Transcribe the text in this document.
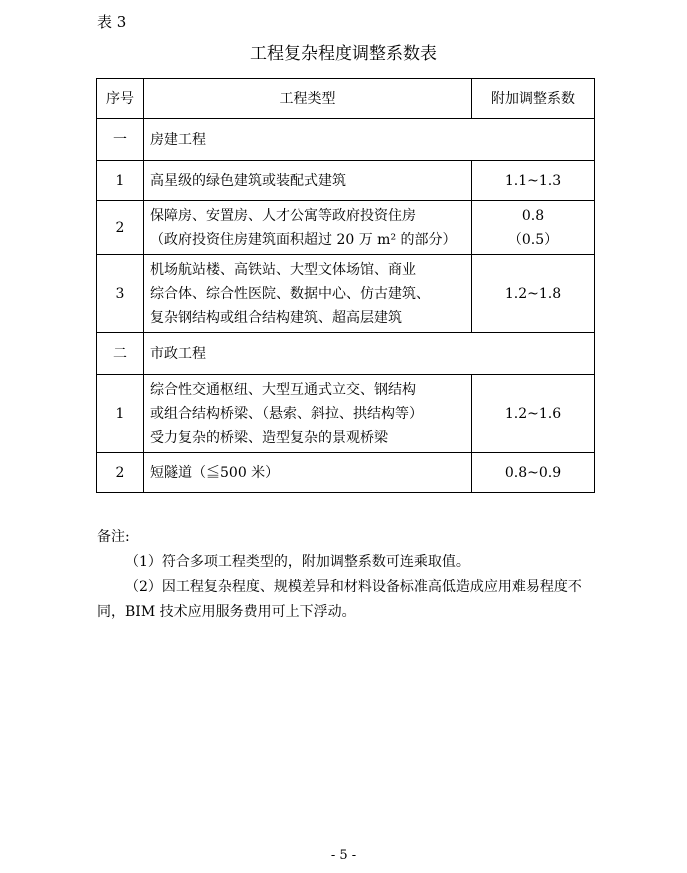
表 3
工程复杂程度调整系数表
序号	工程类型	附加调整系数
一	房建工程	
1	高星级的绿色建筑或装配式建筑	1.1~1.3

2	保障房、安置房、人才公寓等政府投资住房
（政府投资住房建筑面积超过 20 万 m² 的部分）	0.8
（0.5）

3	机场航站楼、高铁站、大型文体场馆、商业
综合体、综合性医院、数据中心、仿古建筑、
复杂钢结构或组合结构建筑、超高层建筑	1.2~1.8

二	市政工程	
1	综合性交通枢纽、大型互通式立交、钢结构
或组合结构桥梁、（悬索、斜拉、拱结构等）
受力复杂的桥梁、造型复杂的景观桥梁	1.2~1.6

2	短隧道（≦500 米）	0.8~0.9

备注:

（1）符合多项工程类型的，附加调整系数可连乘取值。

（2）因工程复杂程度、规模差异和材料设备标准高低造成应用难易程度不同，BIM 技术应用服务费用可上下浮动。

- 5 -
